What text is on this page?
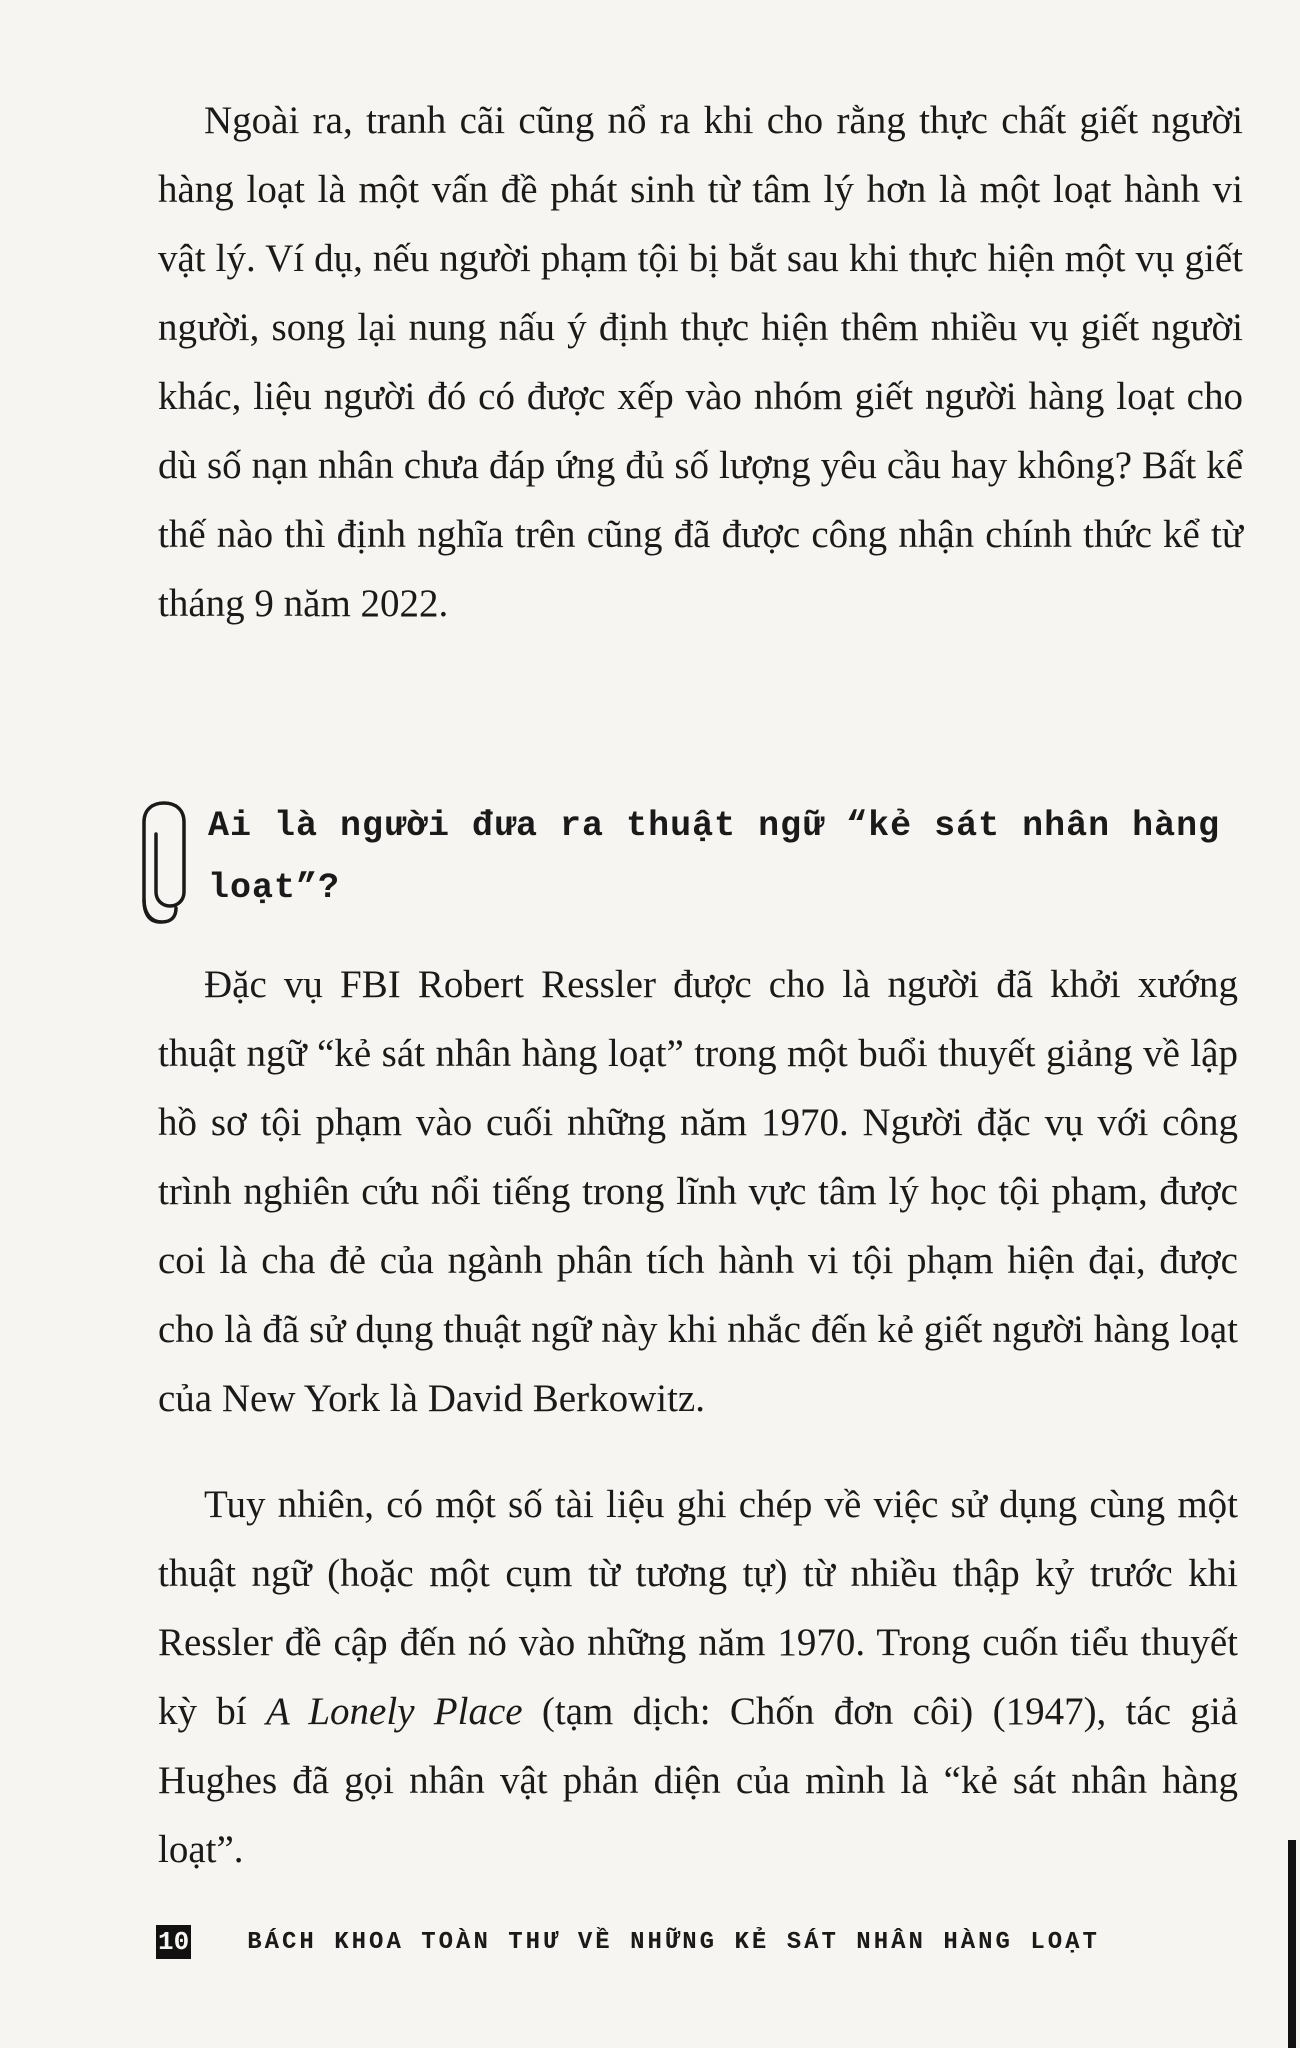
Ngoài ra, tranh cãi cũng nổ ra khi cho rằng thực chất giết người hàng loạt là một vấn đề phát sinh từ tâm lý hơn là một loạt hành vi vật lý. Ví dụ, nếu người phạm tội bị bắt sau khi thực hiện một vụ giết người, song lại nung nấu ý định thực hiện thêm nhiều vụ giết người khác, liệu người đó có được xếp vào nhóm giết người hàng loạt cho dù số nạn nhân chưa đáp ứng đủ số lượng yêu cầu hay không? Bất kể thế nào thì định nghĩa trên cũng đã được công nhận chính thức kể từ tháng 9 năm 2022.

Ai là người đưa ra thuật ngữ “kẻ sát nhân hàng loạt”?

Đặc vụ FBI Robert Ressler được cho là người đã khởi xướng thuật ngữ “kẻ sát nhân hàng loạt” trong một buổi thuyết giảng về lập hồ sơ tội phạm vào cuối những năm 1970. Người đặc vụ với công trình nghiên cứu nổi tiếng trong lĩnh vực tâm lý học tội phạm, được coi là cha đẻ của ngành phân tích hành vi tội phạm hiện đại, được cho là đã sử dụng thuật ngữ này khi nhắc đến kẻ giết người hàng loạt của New York là David Berkowitz.

Tuy nhiên, có một số tài liệu ghi chép về việc sử dụng cùng một thuật ngữ (hoặc một cụm từ tương tự) từ nhiều thập kỷ trước khi Ressler đề cập đến nó vào những năm 1970. Trong cuốn tiểu thuyết kỳ bí A Lonely Place (tạm dịch: Chốn đơn côi) (1947), tác giả Hughes đã gọi nhân vật phản diện của mình là “kẻ sát nhân hàng loạt”.

10 BÁCH KHOA TOÀN THƯ VỀ NHỮNG KẺ SÁT NHÂN HÀNG LOẠT
